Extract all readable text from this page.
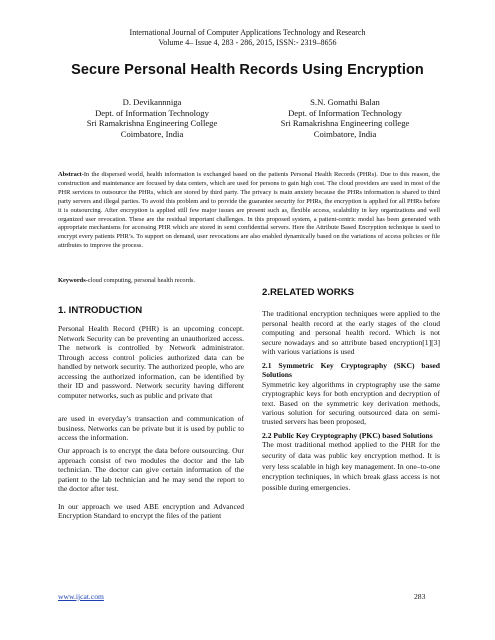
International Journal of Computer Applications Technology and Research
Volume 4– Issue 4, 283 - 286, 2015, ISSN:- 2319–8656
Secure Personal Health Records Using Encryption
D. Devikannniga
Dept. of Information Technology
Sri Ramakrishna Engineering College
Coimbatore, India
S.N. Gomathi Balan
Dept. of Information Technology
Sri Ramakrishna Engineering college
Coimbatore, India
Abstract-In the dispersed world, health information is exchanged based on the patients Personal Health Records (PHRs). Due to this reason, the construction and maintenance are focused by data centers, which are used for persons to gain high cost. The cloud providers are used in most of the PHR services to outsource the PHRs, which are stored by third party. The privacy is main anxiety because the PHRs information is shared to third party servers and illegal parties. To avoid this problem and to provide the guarantee security for PHRs, the encryption is applied for all PHRs before it is outsourcing. After encryption is applied still few major issues are present such as, flexible access, scalability in key organizations and well organized user revocation. These are the residual important challenges. In this proposed system, a patient-centric model has been generated with appropriate mechanisms for accessing PHR which are stored in semi confidential servers. Here the Attribute Based Encryption technique is used to encrypt every patients PHR’s. To support on demand, user revocations are also enabled dynamically based on the variations of access policies or file attributes to improve the process.
Keywords-cloud computing, personal health records.
1. INTRODUCTION

Personal Health Record (PHR) is an upcoming concept. Network Security can be preventing an unauthorized access. The network is controlled by Network administrator. Through access control policies authorized data can be handled by network security. The authorized people, who are accessing the authorized information, can be identified by their ID and password. Network security having different computer networks, such as public and private that

are used in everyday’s transaction and communication of business. Networks can be private but it is used by public to access the information.

Our approach is to encrypt the data before outsourcing. Our approach consist of two modules the doctor and the lab technician. The doctor can give certain information of the patient to the lab technician and he may send the report to the doctor after test.

In our approach we used ABE encryption and Advanced Encryption Standard to encrypt the files of the patient

2.RELATED WORKS

The traditional encryption techniques were applied to the personal health record at the early stages of the cloud computing and personal health record. Which is not secure nowadays and so attribute based encryption[1][3] with various variations is used

2.1 Symmetric Key Cryptography (SKC) based Solutions

Symmetric key algorithms in cryptography use the same cryptographic keys for both encryption and decryption of text. Based on the symmetric key derivation methods, various solution for securing outsourced data on semi-trusted servers has been proposed,

2.2 Public Key Cryptography (PKC) based Solutions

The most traditional method applied to the PHR for the security of data was public key encryption method. It is very less scalable in high key management. In one–to-one encryption techniques, in which break glass access is not possible during emergencies.

www.ijcat.com	283
